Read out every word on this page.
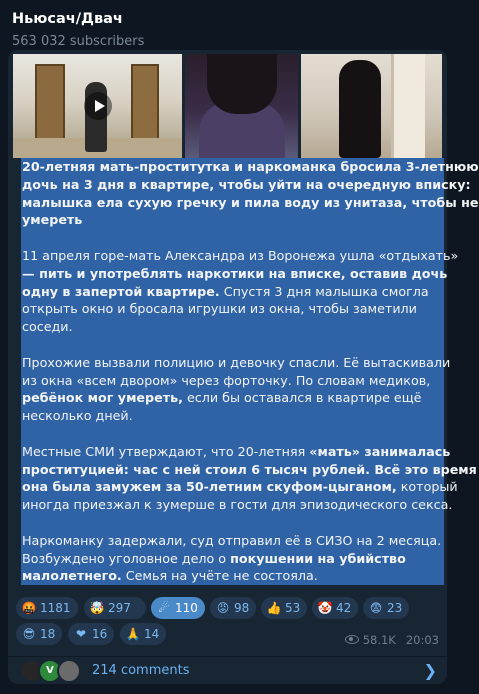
Ньюсач/Двач
563 032 subscribers
20-летняя мать-проститутка и наркоманка бросила 3-летнюю
дочь на 3 дня в квартире, чтобы уйти на очередную вписку:
малышка ела сухую гречку и пила воду из унитаза, чтобы не
умереть
11 апреля горе-мать Александра из Воронежа ушла «отдыхать»
— пить и употреблять наркотики на вписке, оставив дочь
одну в запертой квартире. Спустя 3 дня малышка смогла
открыть окно и бросала игрушки из окна, чтобы заметили
соседи.
Прохожие вызвали полицию и девочку спасли. Её вытаскивали
из окна «всем двором» через форточку. По словам медиков,
ребёнок мог умереть, если бы оставался в квартире ещё
несколько дней.
Местные СМИ утверждают, что 20-летняя «мать» занималась
проституцией: час с ней стоил 6 тысяч рублей. Всё это время
она была замужем за 50-летним скуфом-цыганом, который
иногда приезжал к зумерше в гости для эпизодического секса.
Наркоманку задержали, суд отправил её в СИЗО на 2 месяца.
Возбуждено уголовное дело о покушении на убийство
малолетнего. Семья на учёте не состояла.
🤬 1181	🤯 297	☄ 110	😡 98	👍 53	🤡 42	😨 23
😎 18	❤ 16	🙏 14	58.1K 20:03
V	214 comments	❯
